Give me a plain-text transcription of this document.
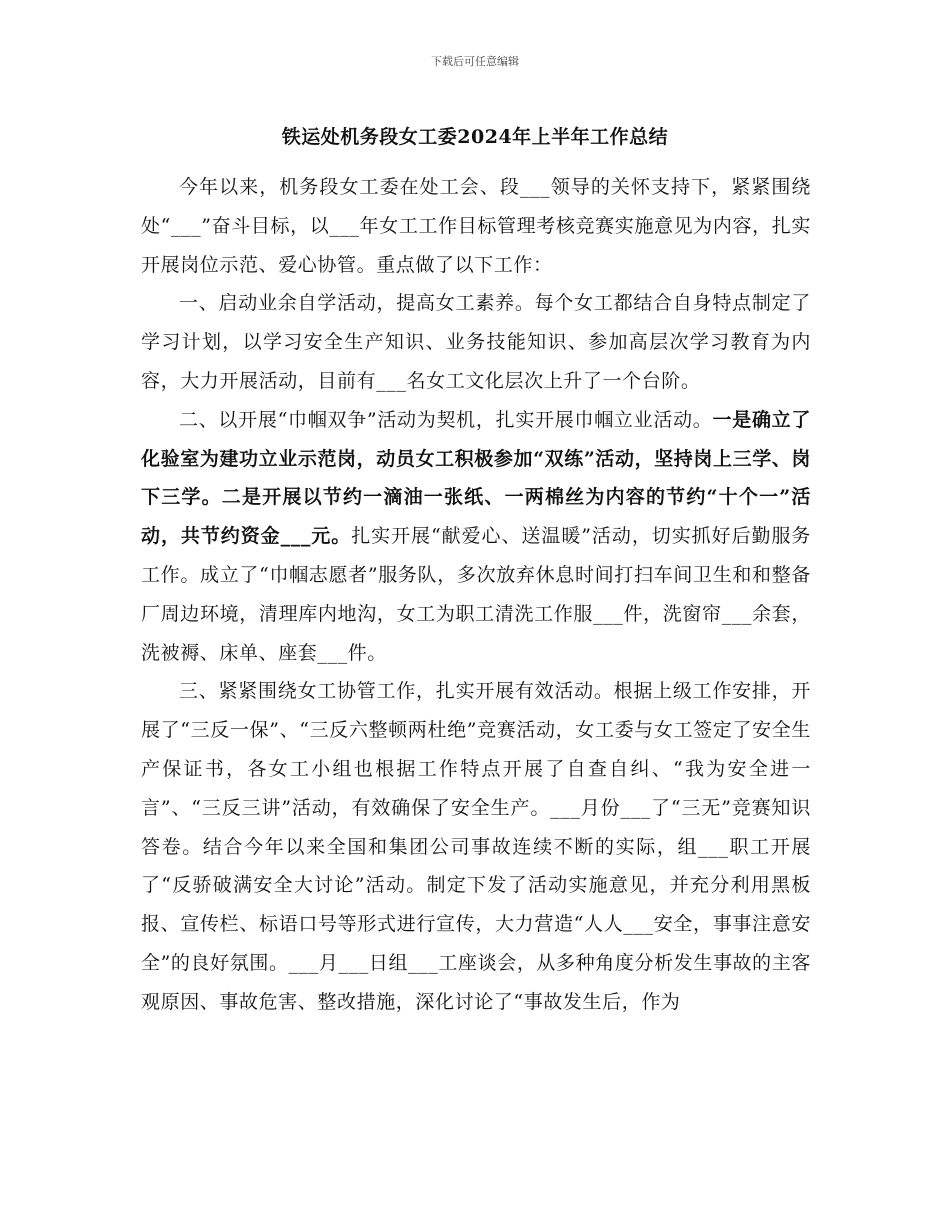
下载后可任意编辑
铁运处机务段女工委2024年上半年工作总结

今年以来，机务段女工委在处工会、段___领导的关怀支持下，紧紧围绕处“___”奋斗目标，以___年女工工作目标管理考核竞赛实施意见为内容，扎实开展岗位示范、爱心协管。重点做了以下工作：

一、启动业余自学活动，提高女工素养。每个女工都结合自身特点制定了学习计划，以学习安全生产知识、业务技能知识、参加高层次学习教育为内容，大力开展活动，目前有___名女工文化层次上升了一个台阶。

二、以开展“巾帼双争”活动为契机，扎实开展巾帼立业活动。一是确立了化验室为建功立业示范岗，动员女工积极参加“双练”活动，坚持岗上三学、岗下三学。二是开展以节约一滴油一张纸、一两棉丝为内容的节约“十个一”活动，共节约资金___元。扎实开展“献爱心、送温暖”活动，切实抓好后勤服务工作。成立了“巾帼志愿者”服务队，多次放弃休息时间打扫车间卫生和和整备厂周边环境，清理库内地沟，女工为职工清洗工作服___件，洗窗帘___余套，洗被褥、床单、座套___件。

三、紧紧围绕女工协管工作，扎实开展有效活动。根据上级工作安排，开展了“三反一保”、“三反六整顿两杜绝”竞赛活动，女工委与女工签定了安全生产保证书，各女工小组也根据工作特点开展了自查自纠、“我为安全进一言”、“三反三讲”活动，有效确保了安全生产。___月份___了“三无”竞赛知识答卷。结合今年以来全国和集团公司事故连续不断的实际，组___职工开展了“反骄破满安全大讨论”活动。制定下发了活动实施意见，并充分利用黑板报、宣传栏、标语口号等形式进行宣传，大力营造“人人___安全，事事注意安全”的良好氛围。___月___日组___工座谈会，从多种角度分析发生事故的主客观原因、事故危害、整改措施，深化讨论了“事故发生后，作为
